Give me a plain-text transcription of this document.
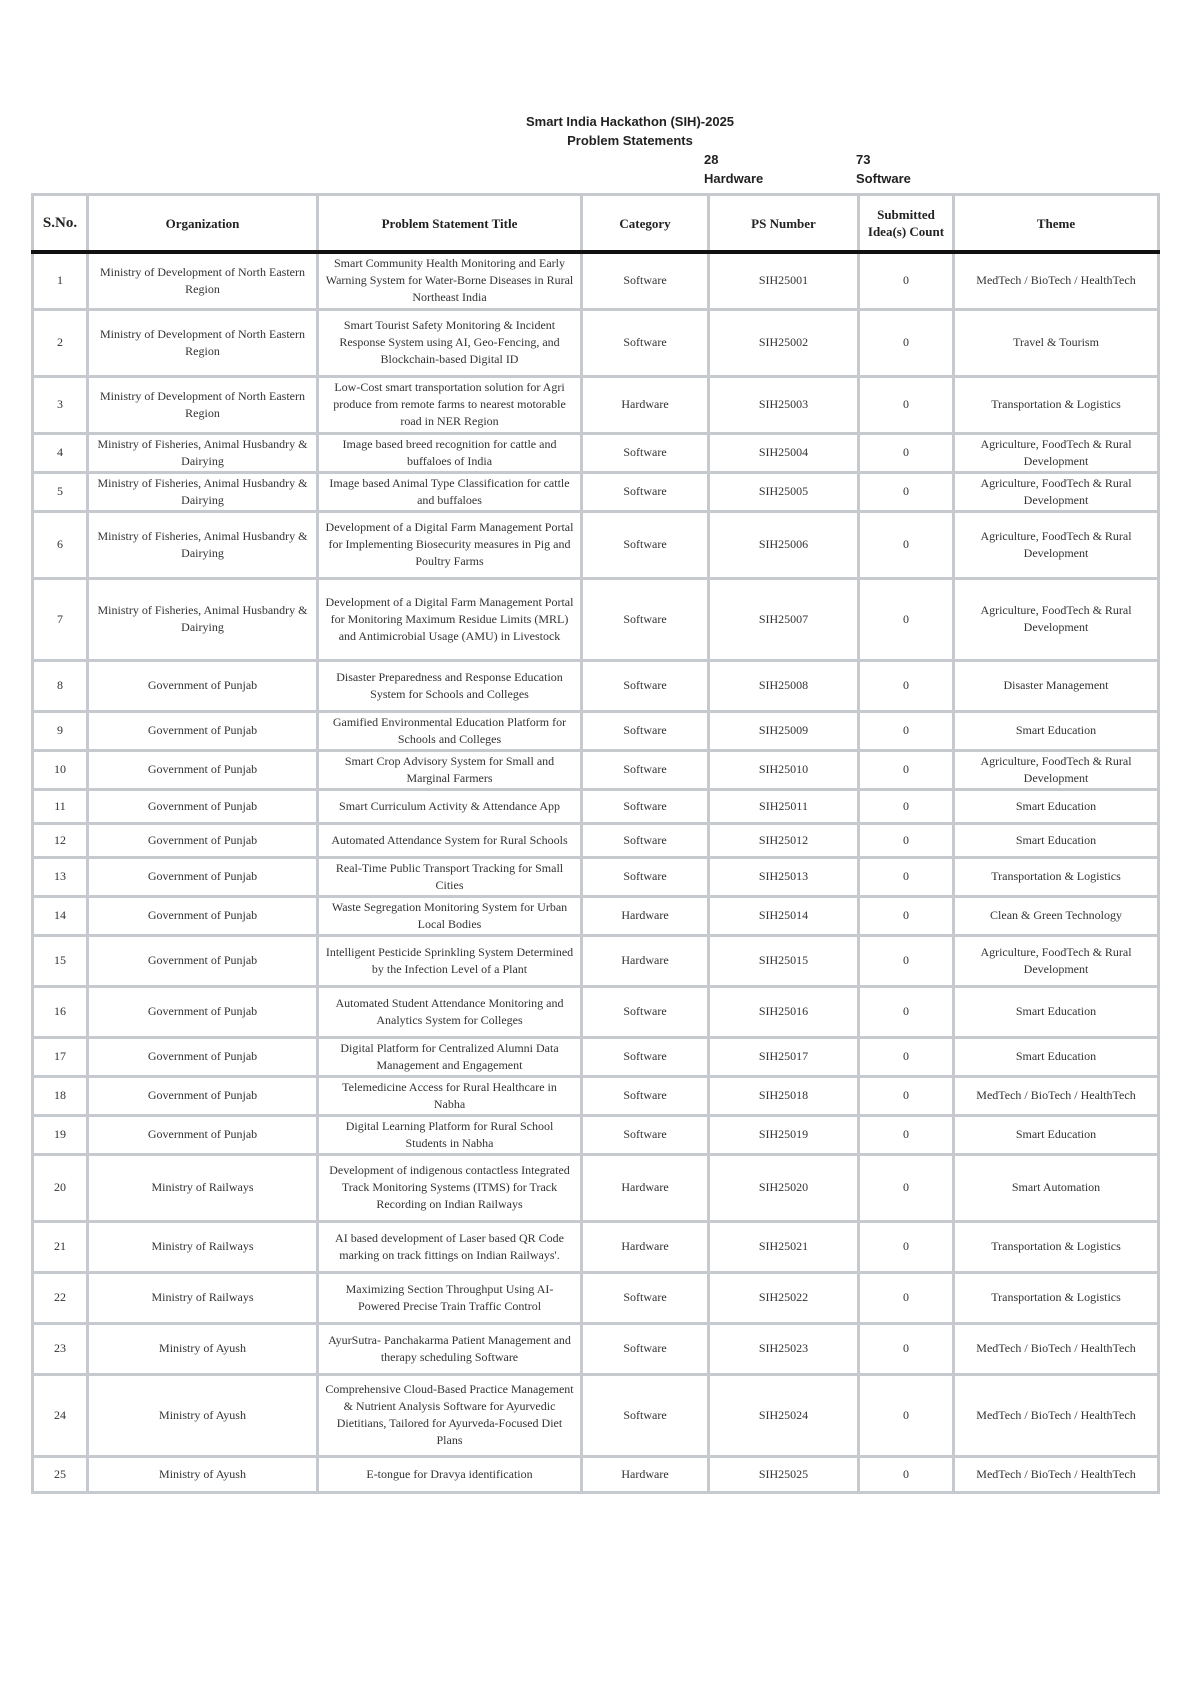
Smart India Hackathon (SIH)-2025
Problem Statements
28
Hardware
73
Software
S.No.	Organization	Problem Statement Title	Category	PS Number	Submitted Idea(s) Count	Theme
1	Ministry of Development of North Eastern Region	Smart Community Health Monitoring and Early Warning System for Water-Borne Diseases in Rural Northeast India	Software	SIH25001	0	MedTech / BioTech / HealthTech
2	Ministry of Development of North Eastern Region	Smart Tourist Safety Monitoring & Incident Response System using AI, Geo-Fencing, and Blockchain-based Digital ID	Software	SIH25002	0	Travel & Tourism
3	Ministry of Development of North Eastern Region	Low-Cost smart transportation solution for Agri produce from remote farms to nearest motorable road in NER Region	Hardware	SIH25003	0	Transportation & Logistics
4	Ministry of Fisheries, Animal Husbandry & Dairying	Image based breed recognition for cattle and buffaloes of India	Software	SIH25004	0	Agriculture, FoodTech & Rural Development
5	Ministry of Fisheries, Animal Husbandry & Dairying	Image based Animal Type Classification for cattle and buffaloes	Software	SIH25005	0	Agriculture, FoodTech & Rural Development
6	Ministry of Fisheries, Animal Husbandry & Dairying	Development of a Digital Farm Management Portal for Implementing Biosecurity measures in Pig and Poultry Farms	Software	SIH25006	0	Agriculture, FoodTech & Rural Development
7	Ministry of Fisheries, Animal Husbandry & Dairying	Development of a Digital Farm Management Portal for Monitoring Maximum Residue Limits (MRL) and Antimicrobial Usage (AMU) in Livestock	Software	SIH25007	0	Agriculture, FoodTech & Rural Development
8	Government of Punjab	Disaster Preparedness and Response Education System for Schools and Colleges	Software	SIH25008	0	Disaster Management
9	Government of Punjab	Gamified Environmental Education Platform for Schools and Colleges	Software	SIH25009	0	Smart Education
10	Government of Punjab	Smart Crop Advisory System for Small and Marginal Farmers	Software	SIH25010	0	Agriculture, FoodTech & Rural Development
11	Government of Punjab	Smart Curriculum Activity & Attendance App	Software	SIH25011	0	Smart Education
12	Government of Punjab	Automated Attendance System for Rural Schools	Software	SIH25012	0	Smart Education
13	Government of Punjab	Real-Time Public Transport Tracking for Small Cities	Software	SIH25013	0	Transportation & Logistics
14	Government of Punjab	Waste Segregation Monitoring System for Urban Local Bodies	Hardware	SIH25014	0	Clean & Green Technology
15	Government of Punjab	Intelligent Pesticide Sprinkling System Determined by the Infection Level of a Plant	Hardware	SIH25015	0	Agriculture, FoodTech & Rural Development
16	Government of Punjab	Automated Student Attendance Monitoring and Analytics System for Colleges	Software	SIH25016	0	Smart Education
17	Government of Punjab	Digital Platform for Centralized Alumni Data Management and Engagement	Software	SIH25017	0	Smart Education
18	Government of Punjab	Telemedicine Access for Rural Healthcare in Nabha	Software	SIH25018	0	MedTech / BioTech / HealthTech
19	Government of Punjab	Digital Learning Platform for Rural School Students in Nabha	Software	SIH25019	0	Smart Education
20	Ministry of Railways	Development of indigenous contactless Integrated Track Monitoring Systems (ITMS) for Track Recording on Indian Railways	Hardware	SIH25020	0	Smart Automation
21	Ministry of Railways	AI based development of Laser based QR Code marking on track fittings on Indian Railways'.	Hardware	SIH25021	0	Transportation & Logistics
22	Ministry of Railways	Maximizing Section Throughput Using AI-Powered Precise Train Traffic Control	Software	SIH25022	0	Transportation & Logistics
23	Ministry of Ayush	AyurSutra- Panchakarma Patient Management and therapy scheduling Software	Software	SIH25023	0	MedTech / BioTech / HealthTech
24	Ministry of Ayush	Comprehensive Cloud-Based Practice Management & Nutrient Analysis Software for Ayurvedic Dietitians, Tailored for Ayurveda-Focused Diet Plans	Software	SIH25024	0	MedTech / BioTech / HealthTech
25	Ministry of Ayush	E-tongue for Dravya identification	Hardware	SIH25025	0	MedTech / BioTech / HealthTech
